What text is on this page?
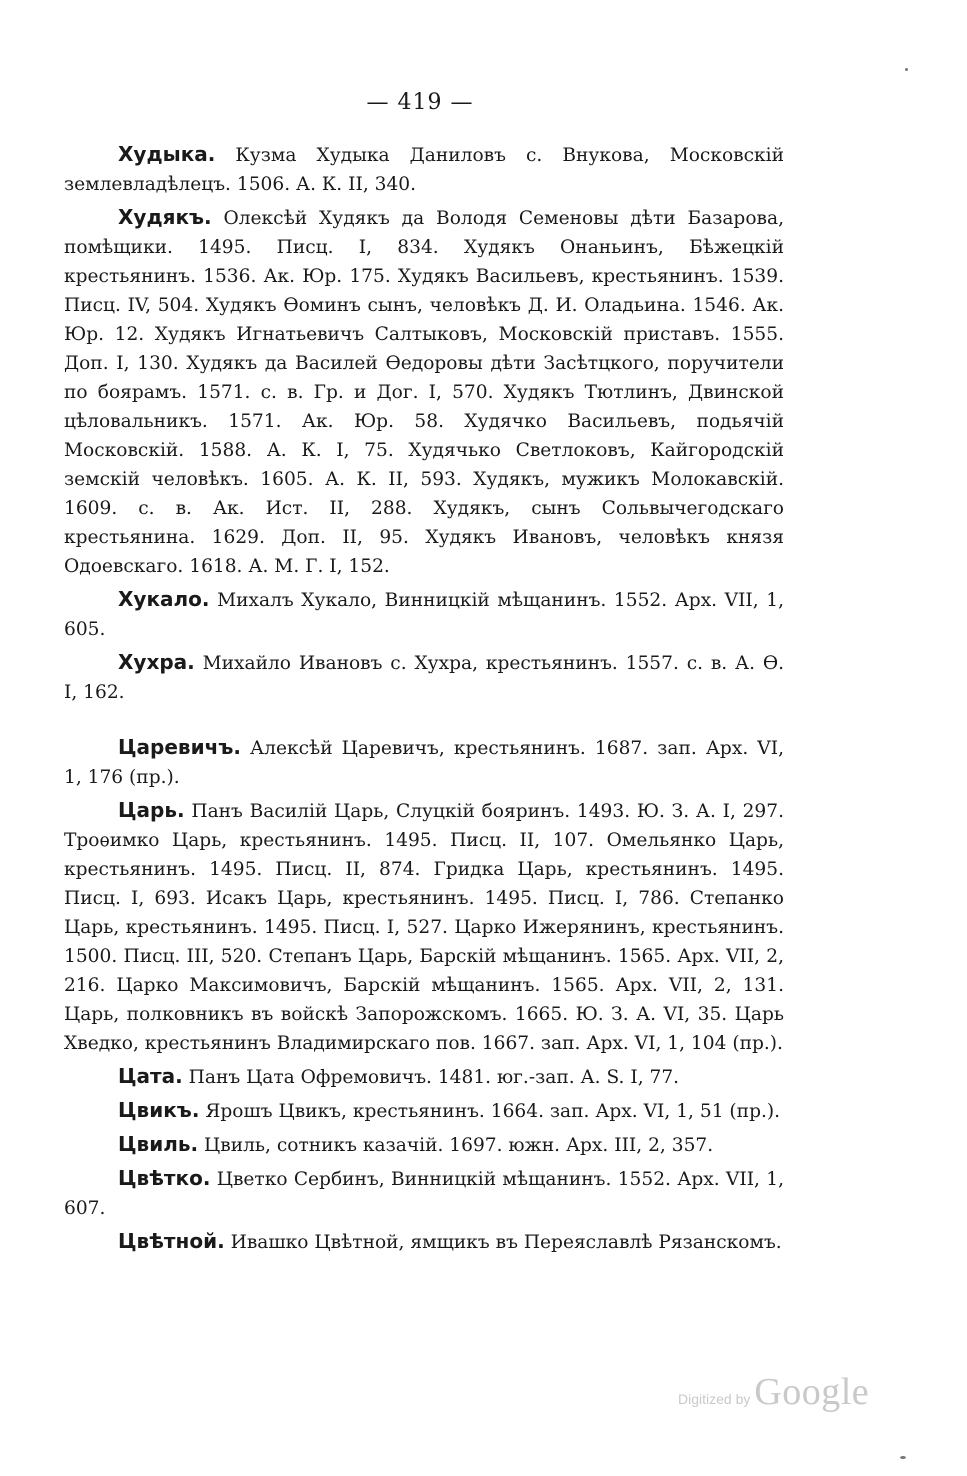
— 419 —

Худыка. Кузма Худыка Даниловъ с. Внукова, Московскій землевладѣлецъ. 1506. А. К. II, 340.

Худякъ. Олексѣй Худякъ да Володя Семеновы дѣти Базарова, помѣщики. 1495. Писц. I, 834. Худякъ Онаньинъ, Бѣжецкій крестьянинъ. 1536. Ак. Юр. 175. Худякъ Васильевъ, крестьянинъ. 1539. Писц. IV, 504. Худякъ Ѳоминъ сынъ, человѣкъ Д. И. Оладьина. 1546. Ак. Юр. 12. Худякъ Игнатьевичъ Салтыковъ, Московскій приставъ. 1555. Доп. I, 130. Худякъ да Василей Ѳедоровы дѣти Засѣтцкого, поручители по боярамъ. 1571. с. в. Гр. и Дог. I, 570. Худякъ Тютлинъ, Двинской цѣловальникъ. 1571. Ак. Юр. 58. Худячко Васильевъ, подьячій Московскій. 1588. А. К. I, 75. Худячько Светлоковъ, Кайгородскій земскій человѣкъ. 1605. А. К. II, 593. Худякъ, мужикъ Молокавскій. 1609. с. в. Ак. Ист. II, 288. Худякъ, сынъ Сольвычегодскаго крестьянина. 1629. Доп. II, 95. Худякъ Ивановъ, человѣкъ князя Одоевскаго. 1618. А. М. Г. I, 152.

Хукало. Михалъ Хукало, Винницкій мѣщанинъ. 1552. Арх. VII, 1, 605.

Хухра. Михайло Ивановъ с. Хухра, крестьянинъ. 1557. с. в. А. Ѳ. I, 162.

Царевичъ. Алексѣй Царевичъ, крестьянинъ. 1687. зап. Арх. VI, 1, 176 (пр.).

Царь. Панъ Василій Царь, Слуцкій бояринъ. 1493. Ю. З. А. I, 297. Троѳимко Царь, крестьянинъ. 1495. Писц. II, 107. Омельянко Царь, крестьянинъ. 1495. Писц. II, 874. Гридка Царь, крестьянинъ. 1495. Писц. I, 693. Исакъ Царь, крестьянинъ. 1495. Писц. I, 786. Степанко Царь, крестьянинъ. 1495. Писц. I, 527. Царко Ижерянинъ, крестьянинъ. 1500. Писц. III, 520. Степанъ Царь, Барскій мѣщанинъ. 1565. Арх. VII, 2, 216. Царко Максимовичъ, Барскій мѣщанинъ. 1565. Арх. VII, 2, 131. Царь, полковникъ въ войскѣ Запорожскомъ. 1665. Ю. З. А. VI, 35. Царь Хведко, крестьянинъ Владимирскаго пов. 1667. зап. Арх. VI, 1, 104 (пр.).

Цата. Панъ Цата Офремовичъ. 1481. юг.-зап. А. S. I, 77.

Цвикъ. Ярошъ Цвикъ, крестьянинъ. 1664. зап. Арх. VI, 1, 51 (пр.).

Цвиль. Цвиль, сотникъ казачій. 1697. южн. Арх. III, 2, 357.

Цвѣтко. Цветко Сербинъ, Винницкій мѣщанинъ. 1552. Арх. VII, 1, 607.

Цвѣтной. Ивашко Цвѣтной, ямщикъ въ Переяславлѣ Рязанскомъ.

Digitized by Google
